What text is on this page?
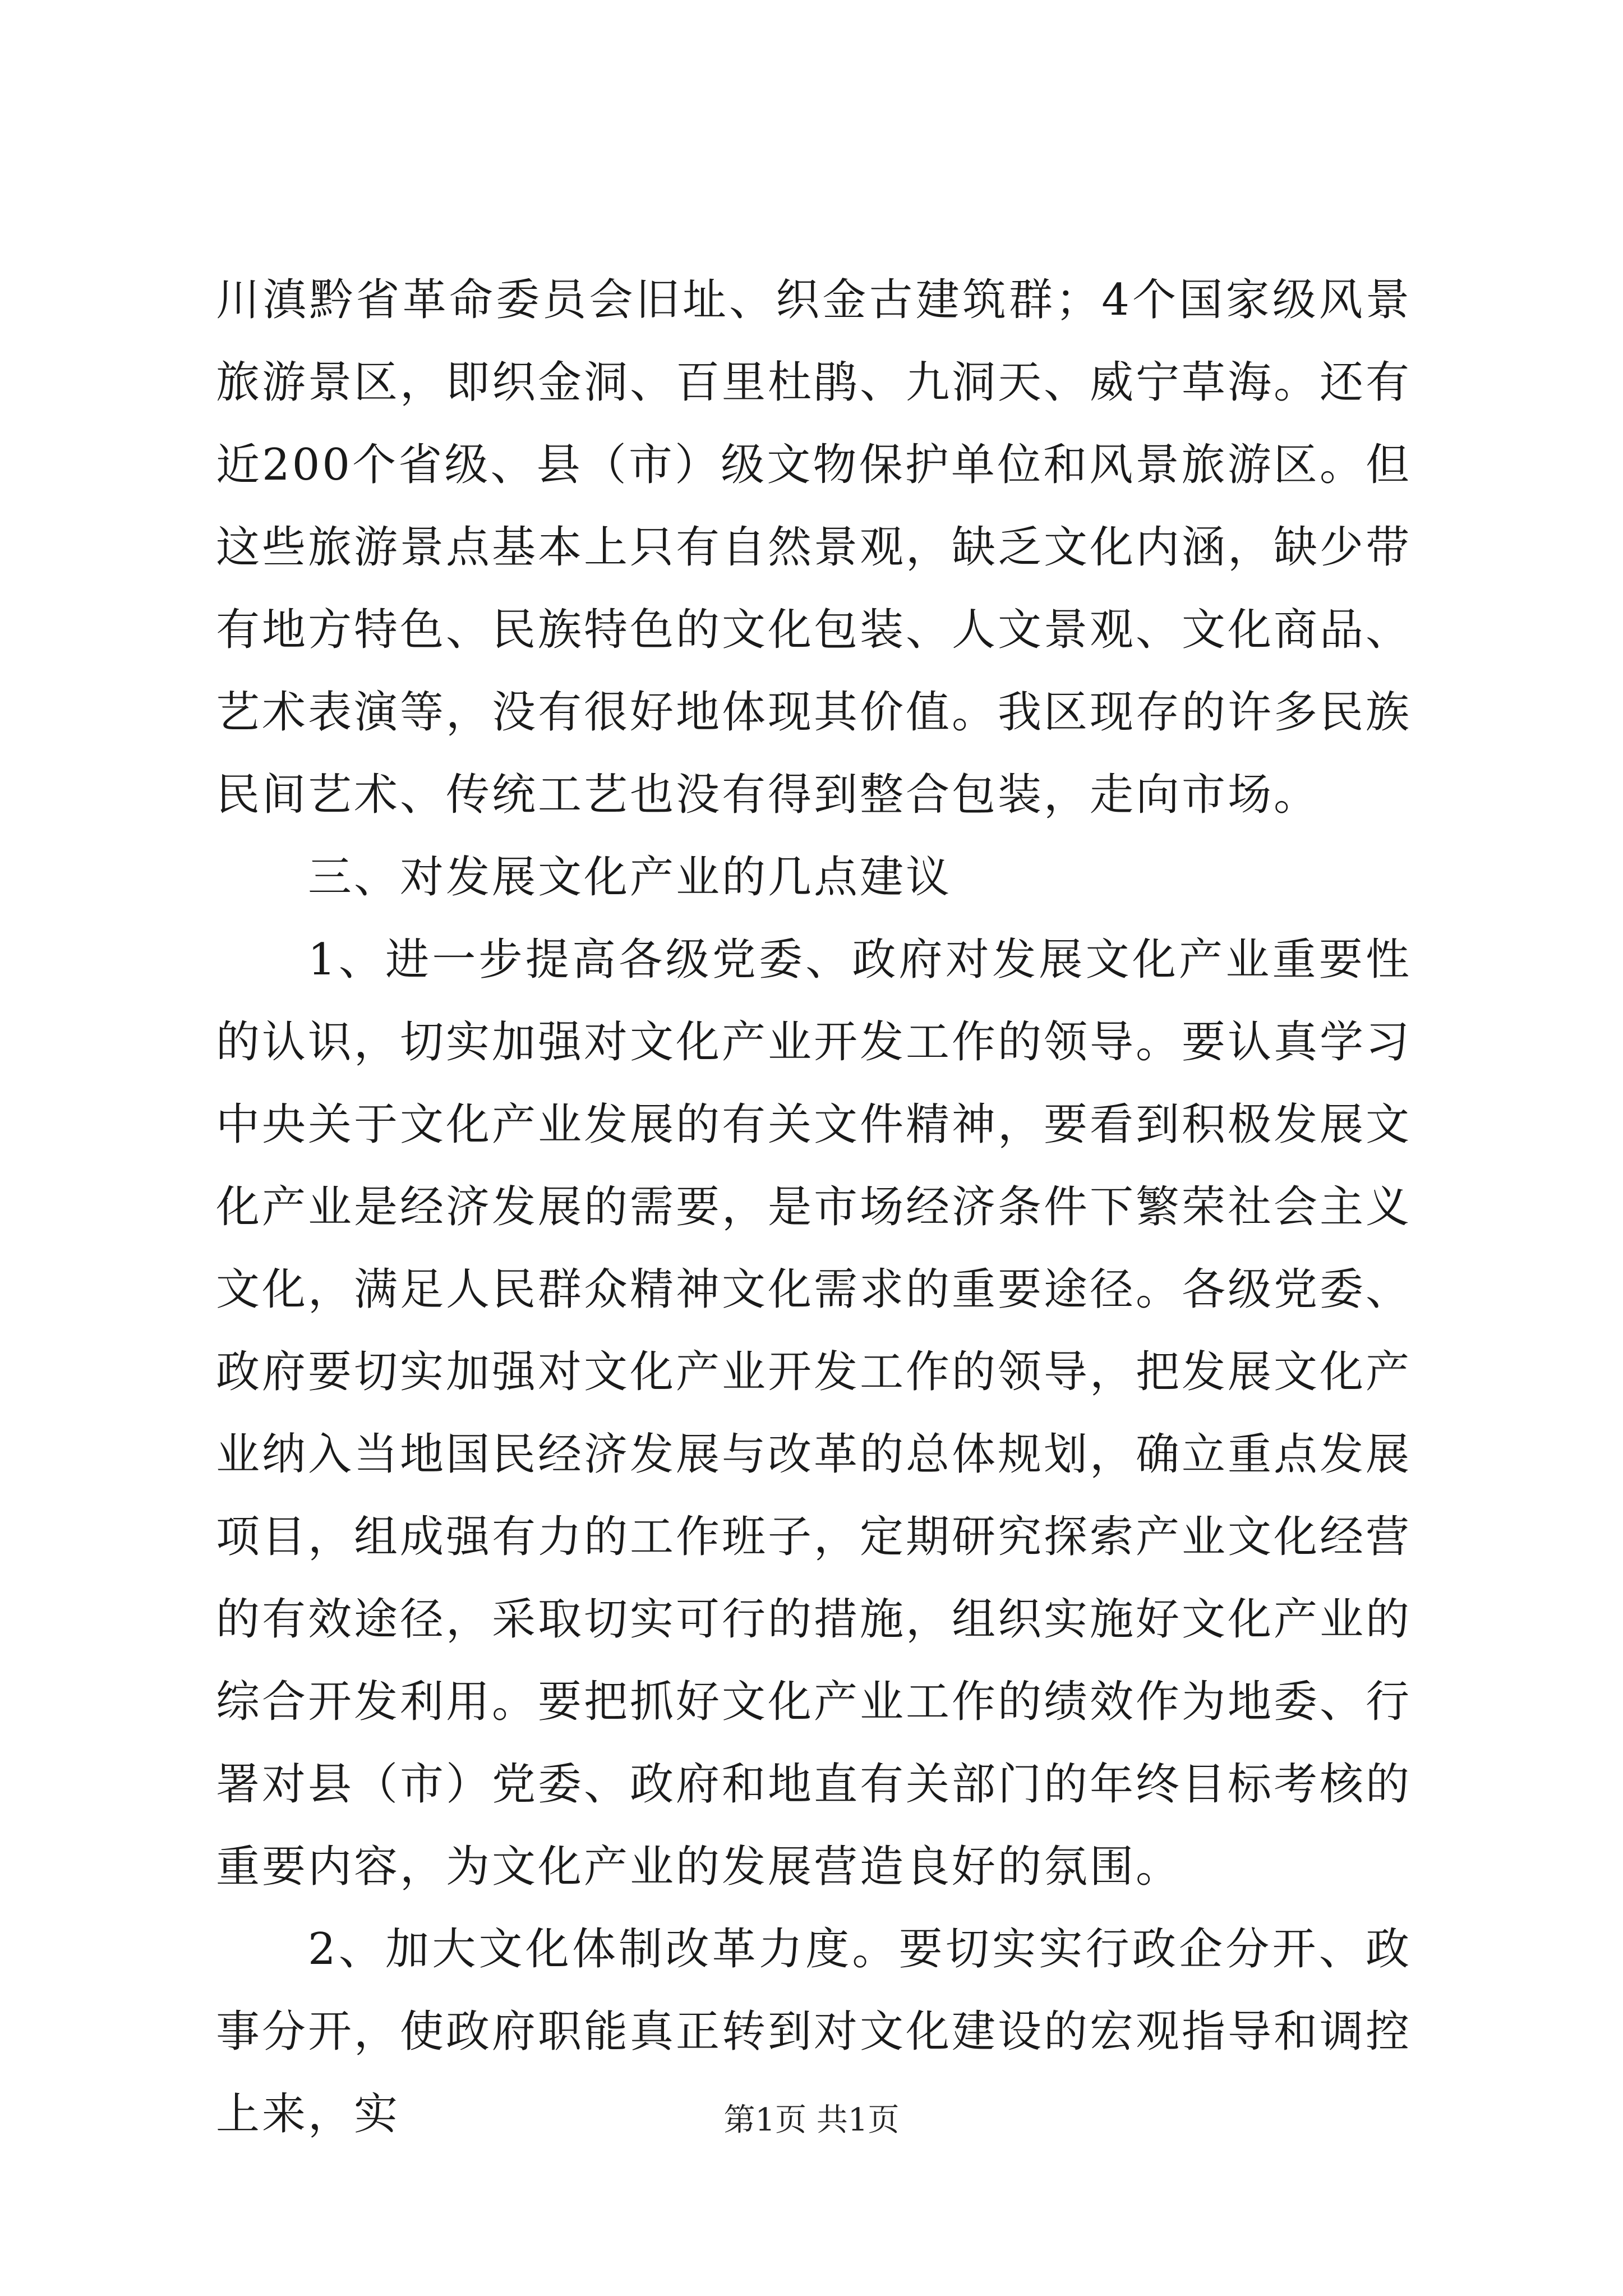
川滇黔省革命委员会旧址、织金古建筑群；4个国家级风景旅游景区，即织金洞、百里杜鹃、九洞天、威宁草海。还有近200个省级、县（市）级文物保护单位和风景旅游区。但这些旅游景点基本上只有自然景观，缺乏文化内涵，缺少带有地方特色、民族特色的文化包装、人文景观、文化商品、艺术表演等，没有很好地体现其价值。我区现存的许多民族民间艺术、传统工艺也没有得到整合包装，走向市场。

三、对发展文化产业的几点建议

1、进一步提高各级党委、政府对发展文化产业重要性的认识，切实加强对文化产业开发工作的领导。要认真学习中央关于文化产业发展的有关文件精神，要看到积极发展文化产业是经济发展的需要，是市场经济条件下繁荣社会主义文化，满足人民群众精神文化需求的重要途径。各级党委、政府要切实加强对文化产业开发工作的领导，把发展文化产业纳入当地国民经济发展与改革的总体规划，确立重点发展项目，组成强有力的工作班子，定期研究探索产业文化经营的有效途径，采取切实可行的措施，组织实施好文化产业的综合开发利用。要把抓好文化产业工作的绩效作为地委、行署对县（市）党委、政府和地直有关部门的年终目标考核的重要内容，为文化产业的发展营造良好的氛围。

2、加大文化体制改革力度。要切实实行政企分开、政事分开，使政府职能真正转到对文化建设的宏观指导和调控上来，实	第1页 共1页
